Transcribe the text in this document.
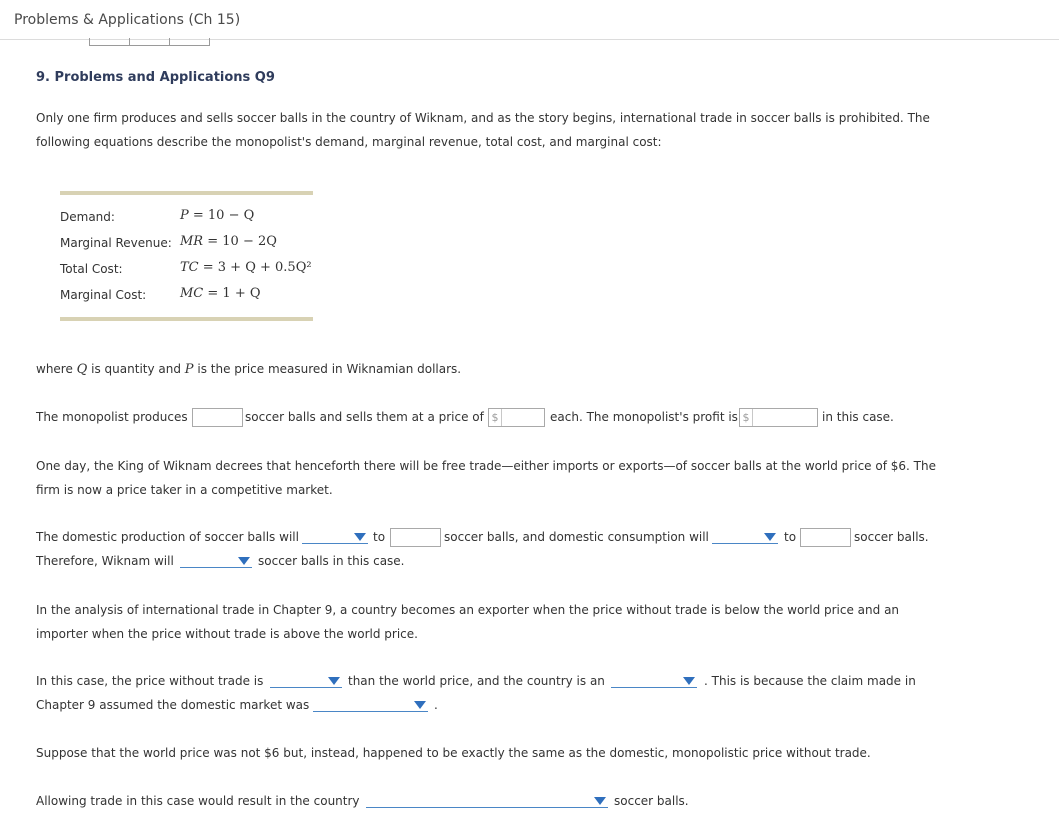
Problems & Applications (Ch 15)
9. Problems and Applications Q9
Only one firm produces and sells soccer balls in the country of Wiknam, and as the story begins, international trade in soccer balls is prohibited. The
following equations describe the monopolist's demand, marginal revenue, total cost, and marginal cost:
Demand:	P = 10 − Q
Marginal Revenue: MR = 10 − 2Q
Total Cost:	TC = 3 + Q + 0.5Q²
Marginal Cost:	MC = 1 + Q
where Q is quantity and P is the price measured in Wiknamian dollars.
The monopolist produces	soccer balls and sells them at a price of $	each. The monopolist's profit is $	in this case.
One day, the King of Wiknam decrees that henceforth there will be free trade—either imports or exports—of soccer balls at the world price of $6. The
firm is now a price taker in a competitive market.
The domestic production of soccer balls will	to	soccer balls, and domestic consumption will	to	soccer balls.
Therefore, Wiknam will	soccer balls in this case.
In the analysis of international trade in Chapter 9, a country becomes an exporter when the price without trade is below the world price and an
importer when the price without trade is above the world price.
In this case, the price without trade is	than the world price, and the country is an	. This is because the claim made in
Chapter 9 assumed the domestic market was	.
Suppose that the world price was not $6 but, instead, happened to be exactly the same as the domestic, monopolistic price without trade.
Allowing trade in this case would result in the country	soccer balls.
